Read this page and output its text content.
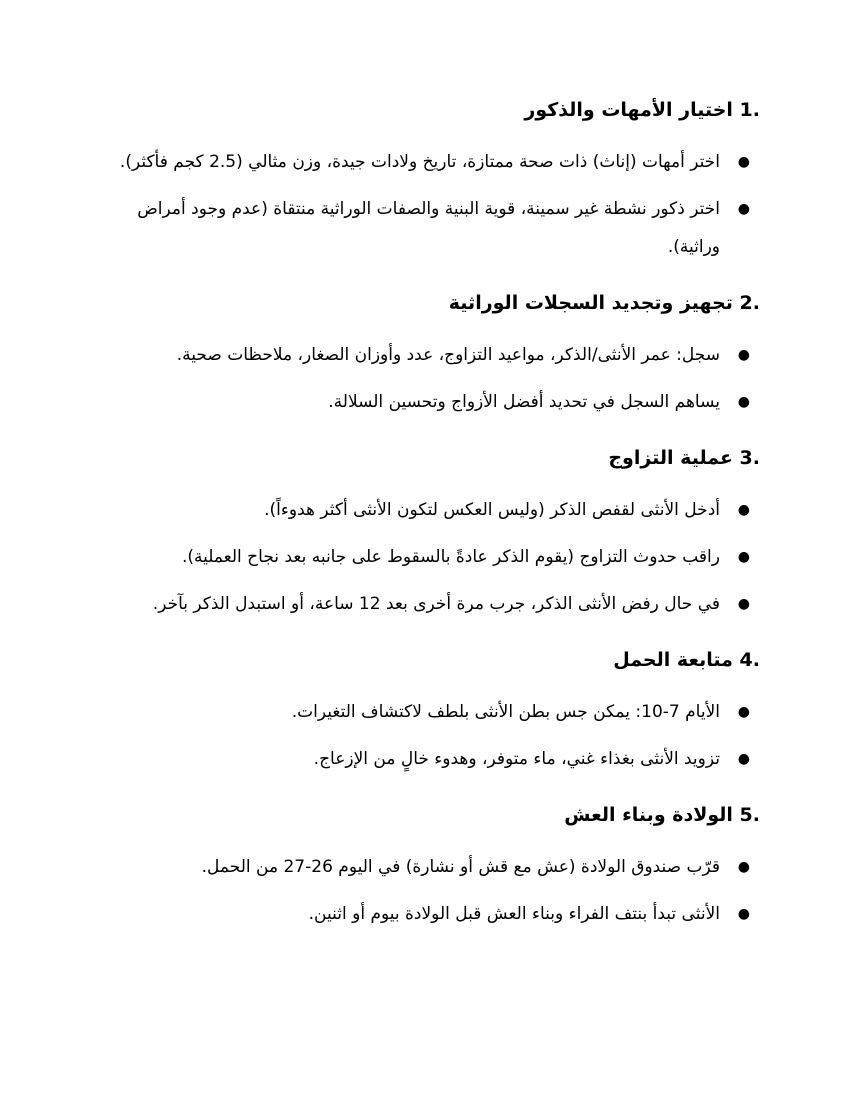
1. اختيار الأمهات والذكور
●
اختر أمهات (إناث) ذات صحة ممتازة، تاريخ ولادات جيدة، وزن مثالي (2.5 كجم فأكثر).
●
اختر ذكور نشطة غير سمينة، قوية البنية والصفات الوراثية منتقاة (عدم وجود أمراض وراثية).
2. تجهيز وتجديد السجلات الوراثية
●
سجل: عمر الأنثى/الذكر، مواعيد التزاوج، عدد وأوزان الصغار، ملاحظات صحية.
●
يساهم السجل في تحديد أفضل الأزواج وتحسين السلالة.
3. عملية التزاوج
●
أدخل الأنثى لقفص الذكر (وليس العكس لتكون الأنثى أكثر هدوءاً).
●
راقب حدوث التزاوج (يقوم الذكر عادةً بالسقوط على جانبه بعد نجاح العملية).
●
في حال رفض الأنثى الذكر، جرب مرة أخرى بعد 12 ساعة، أو استبدل الذكر بآخر.
4. متابعة الحمل
●
الأيام 7-10: يمكن جس بطن الأنثى بلطف لاكتشاف التغيرات.
●
تزويد الأنثى بغذاء غني، ماء متوفر، وهدوء خالٍ من الإزعاج.
5. الولادة وبناء العش
●
قرّب صندوق الولادة (عش مع قش أو نشارة) في اليوم 26-27 من الحمل.
●
الأنثى تبدأ بنتف الفراء وبناء العش قبل الولادة بيوم أو اثنين.
